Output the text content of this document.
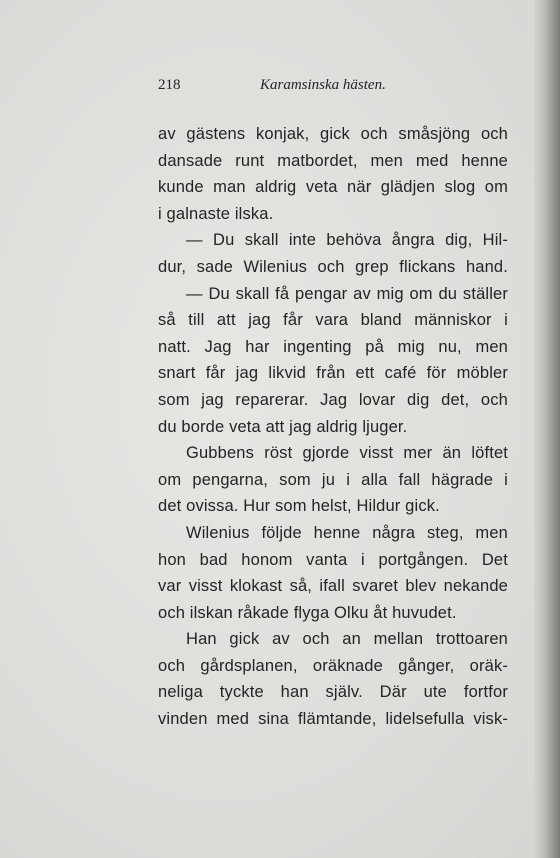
218	Karamsinska hästen.
av gästens konjak, gick och småsjöng och
dansade runt matbordet, men med henne
kunde man aldrig veta när glädjen slog om
i galnaste ilska.
— Du skall inte behöva ångra dig, Hil-
dur, sade Wilenius och grep flickans hand.
— Du skall få pengar av mig om du ställer
så till att jag får vara bland människor i
natt. Jag har ingenting på mig nu, men
snart får jag likvid från ett café för möbler
som jag reparerar. Jag lovar dig det, och
du borde veta att jag aldrig ljuger.
Gubbens röst gjorde visst mer än löftet
om pengarna, som ju i alla fall hägrade i
det ovissa. Hur som helst, Hildur gick.
Wilenius följde henne några steg, men
hon bad honom vanta i portgången. Det
var visst klokast så, ifall svaret blev nekande
och ilskan råkade flyga Olku åt huvudet.
Han gick av och an mellan trottoaren
och gårdsplanen, oräknade gånger, oräk-
neliga tyckte han själv. Där ute fortfor
vinden med sina flämtande, lidelsefulla visk-
